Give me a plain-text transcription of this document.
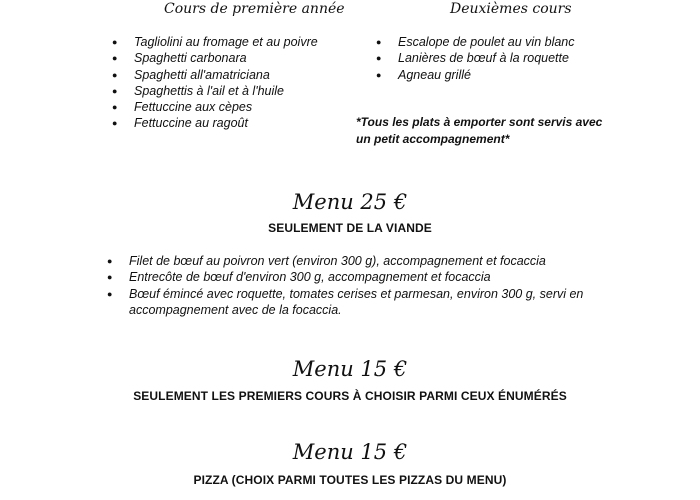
Cours de première année	Deuxièmes cours
● Tagliolini au fromage et au poivre
● Spaghetti carbonara
● Spaghetti all'amatriciana
● Spaghettis à l'ail et à l'huile
● Fettuccine aux cèpes
● Fettuccine au ragoût
● Escalope de poulet au vin blanc
● Lanières de bœuf à la roquette
● Agneau grillé
*Tous les plats à emporter sont servis avec un petit accompagnement*
Menu 25 €
SEULEMENT DE LA VIANDE
● Filet de bœuf au poivron vert (environ 300 g), accompagnement et focaccia
● Entrecôte de bœuf d'environ 300 g, accompagnement et focaccia
● Bœuf émincé avec roquette, tomates cerises et parmesan, environ 300 g, servi en accompagnement avec de la focaccia.
Menu 15 €
SEULEMENT LES PREMIERS COURS À CHOISIR PARMI CEUX ÉNUMÉRÉS
Menu 15 €
PIZZA (CHOIX PARMI TOUTES LES PIZZAS DU MENU)
